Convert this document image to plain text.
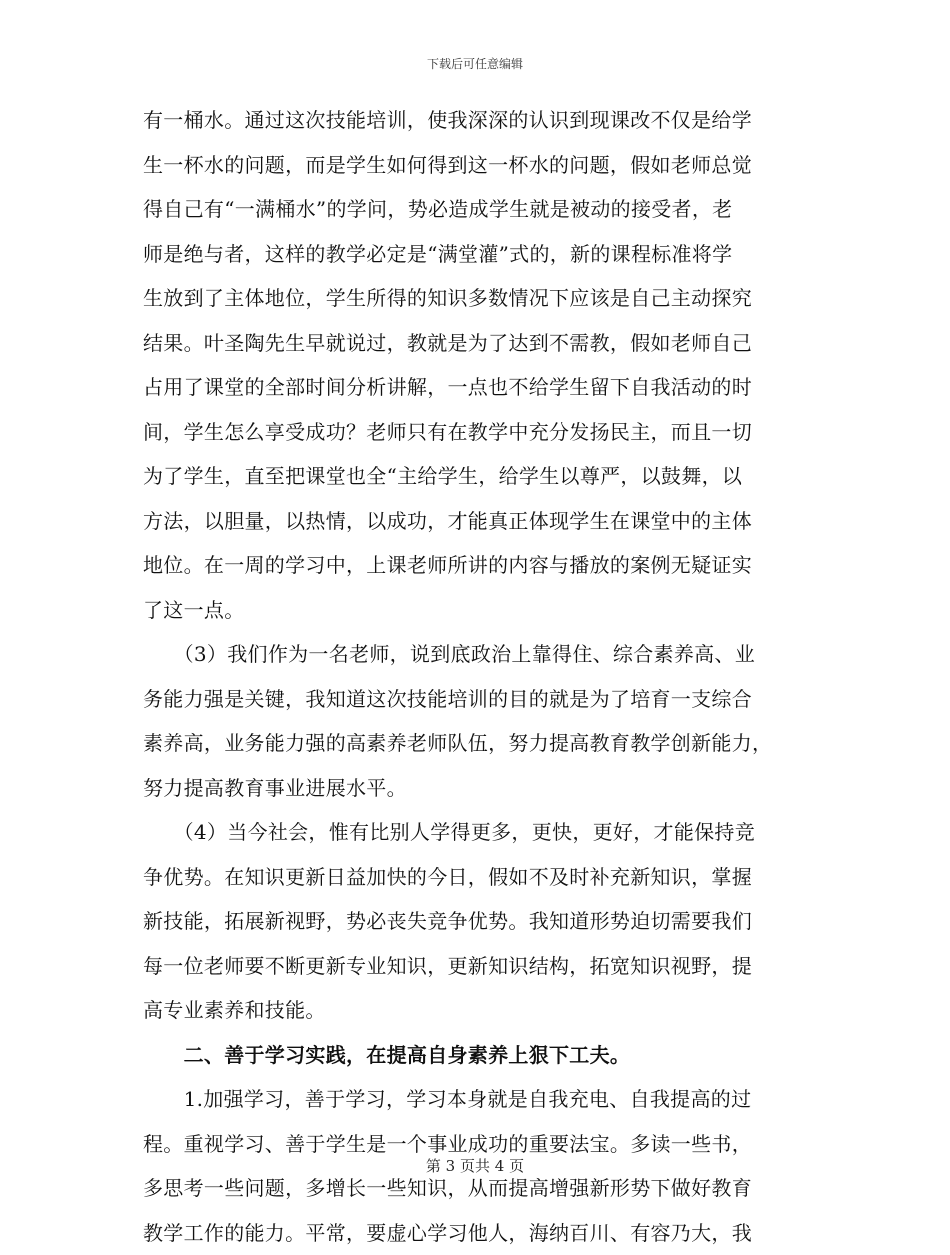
下载后可任意编辑
有一桶水。通过这次技能培训，使我深深的认识到现课改不仅是给学
生一杯水的问题，而是学生如何得到这一杯水的问题，假如老师总觉
得自己有“一满桶水”的学问，势必造成学生就是被动的接受者，老
师是绝与者，这样的教学必定是“满堂灌”式的，新的课程标准将学
生放到了主体地位，学生所得的知识多数情况下应该是自己主动探究
结果。叶圣陶先生早就说过，教就是为了达到不需教，假如老师自己
占用了课堂的全部时间分析讲解，一点也不给学生留下自我活动的时
间，学生怎么享受成功？老师只有在教学中充分发扬民主，而且一切
为了学生，直至把课堂也全“主给学生，给学生以尊严，以鼓舞，以
方法，以胆量，以热情，以成功，才能真正体现学生在课堂中的主体
地位。在一周的学习中，上课老师所讲的内容与播放的案例无疑证实
了这一点。
　　（3）我们作为一名老师，说到底政治上靠得住、综合素养高、业
务能力强是关键，我知道这次技能培训的目的就是为了培育一支综合
素养高，业务能力强的高素养老师队伍，努力提高教育教学创新能力，
努力提高教育事业进展水平。
　　（4）当今社会，惟有比别人学得更多，更快，更好，才能保持竞
争优势。在知识更新日益加快的今日，假如不及时补充新知识，掌握
新技能，拓展新视野，势必丧失竞争优势。我知道形势迫切需要我们
每一位老师要不断更新专业知识，更新知识结构，拓宽知识视野，提
高专业素养和技能。
　　二、善于学习实践，在提高自身素养上狠下工夫。
　　1.加强学习，善于学习，学习本身就是自我充电、自我提高的过
程。重视学习、善于学生是一个事业成功的重要法宝。多读一些书，
多思考一些问题，多增长一些知识，从而提高增强新形势下做好教育
教学工作的能力。平常，要虚心学习他人，海纳百川、有容乃大，我
第 3 页共 4 页
